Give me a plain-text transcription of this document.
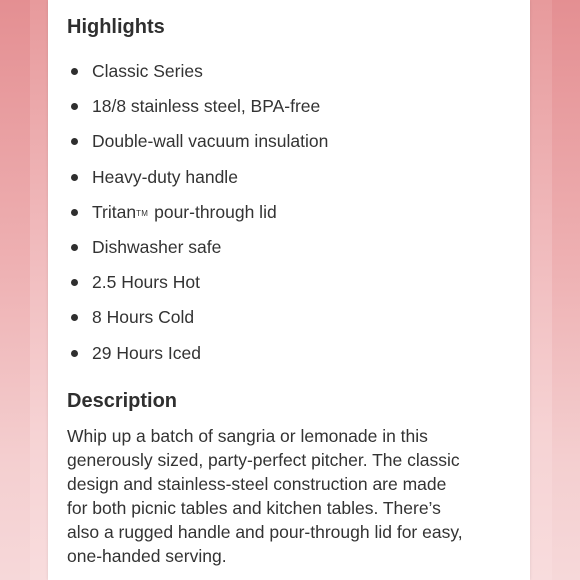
Highlights
Classic Series
18/8 stainless steel, BPA-free
Double-wall vacuum insulation
Heavy-duty handle
TritanTM pour-through lid
Dishwasher safe
2.5 Hours Hot
8 Hours Cold
29 Hours Iced
Description

Whip up a batch of sangria or lemonade in this generously sized, party-perfect pitcher. The classic design and stainless-steel construction are made for both picnic tables and kitchen tables. There’s also a rugged handle and pour-through lid for easy, one-handed serving.
